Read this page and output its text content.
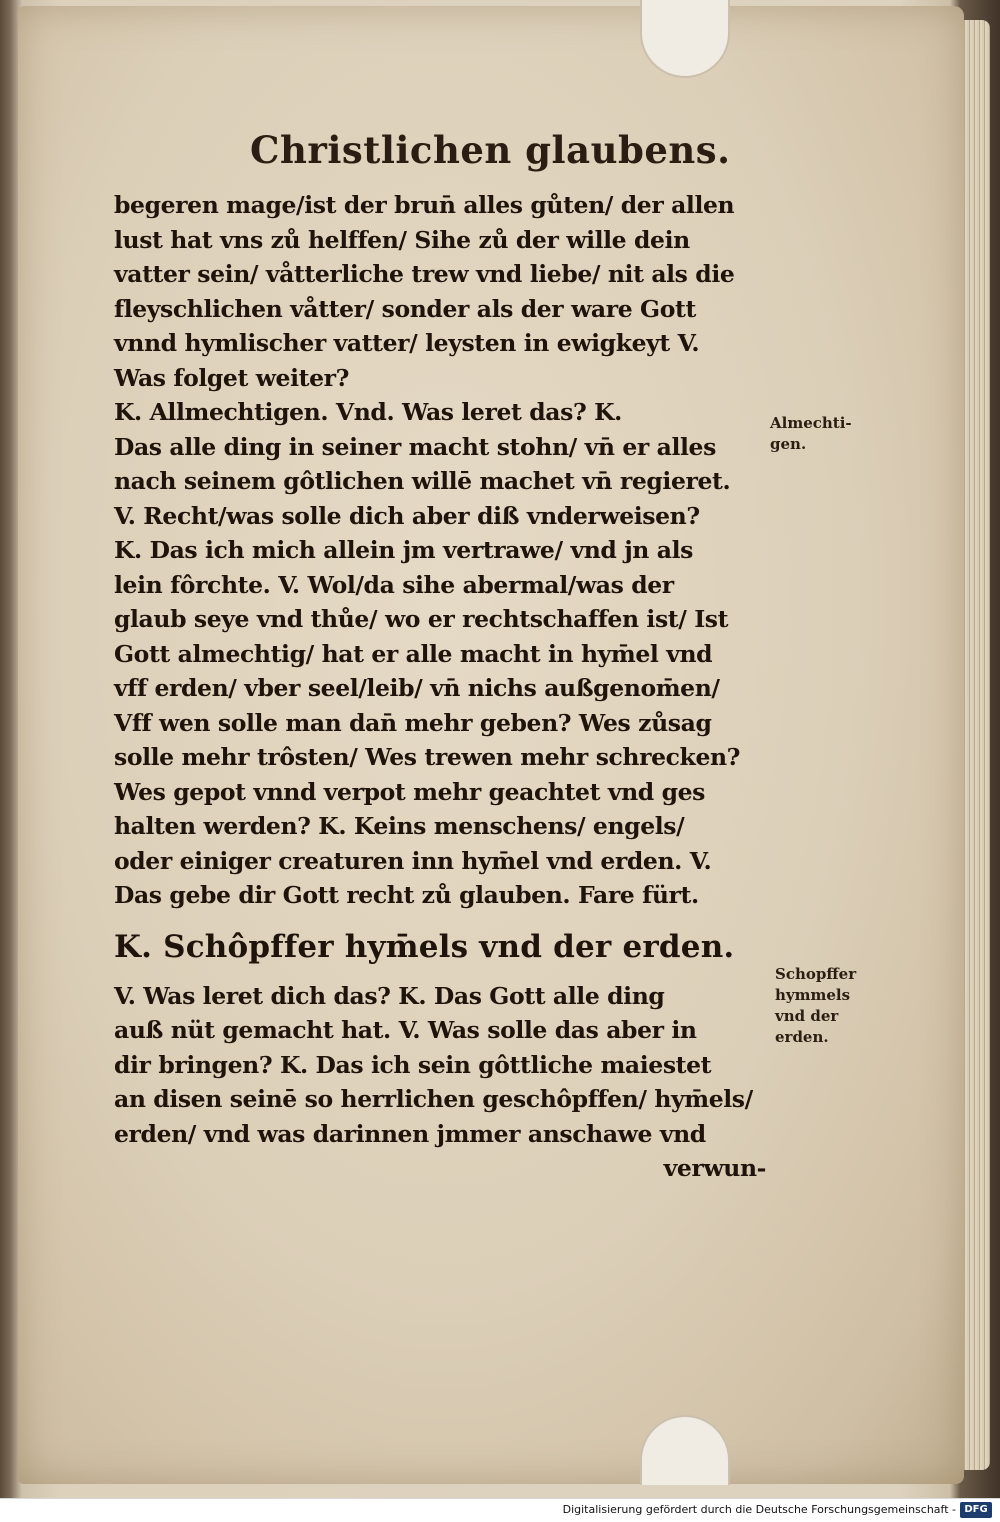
Christlichen glaubens.
begeren mage/ist der brun̄ alles gůten/ der allen
lust hat vns zů helffen/ Sihe zů der wille dein
vatter sein/ våtterliche trew vnd liebe/ nit als die
fleyschlichen våtter/ sonder als der ware Gott
vnnd hymlischer vatter/ leysten in ewigkeyt V.
Was folget weiter?
K. Allmechtigen. Vnd. Was leret das? K.
Das alle ding in seiner macht stohn/ vn̄ er alles
nach seinem gôtlichen willē machet vn̄ regieret.
V. Recht/was solle dich aber diß vnderweisen?
K. Das ich mich allein jm vertrawe/ vnd jn als
lein fôrchte. V. Wol/da sihe abermal/was der
glaub seye vnd thůe/ wo er rechtschaffen ist/ Ist
Gott almechtig/ hat er alle macht in hym̄el vnd
vff erden/ vber seel/leib/ vn̄ nichs außgenom̄en/
Vff wen solle man dan̄ mehr geben? Wes zůsag
solle mehr trôsten/ Wes trewen mehr schrecken?
Wes gepot vnnd verpot mehr geachtet vnd ges
halten werden? K. Keins menschens/ engels/
oder einiger creaturen inn hym̄el vnd erden. V.
Das gebe dir Gott recht zů glauben. Fare fürt.
K. Schôpffer hym̄els vnd der erden.
V. Was leret dich das? K. Das Gott alle ding
auß nüt gemacht hat. V. Was solle das aber in
dir bringen? K. Das ich sein gôttliche maiestet
an disen seinē so herrlichen geschôpffen/ hym̄els/
erden/ vnd was darinnen jmmer anschawe vnd
verwun-
Almechti-
gen.
Schopffer
hymmels
vnd der
erden.
Digitalisierung gefördert durch die Deutsche Forschungsgemeinschaft - DFG
